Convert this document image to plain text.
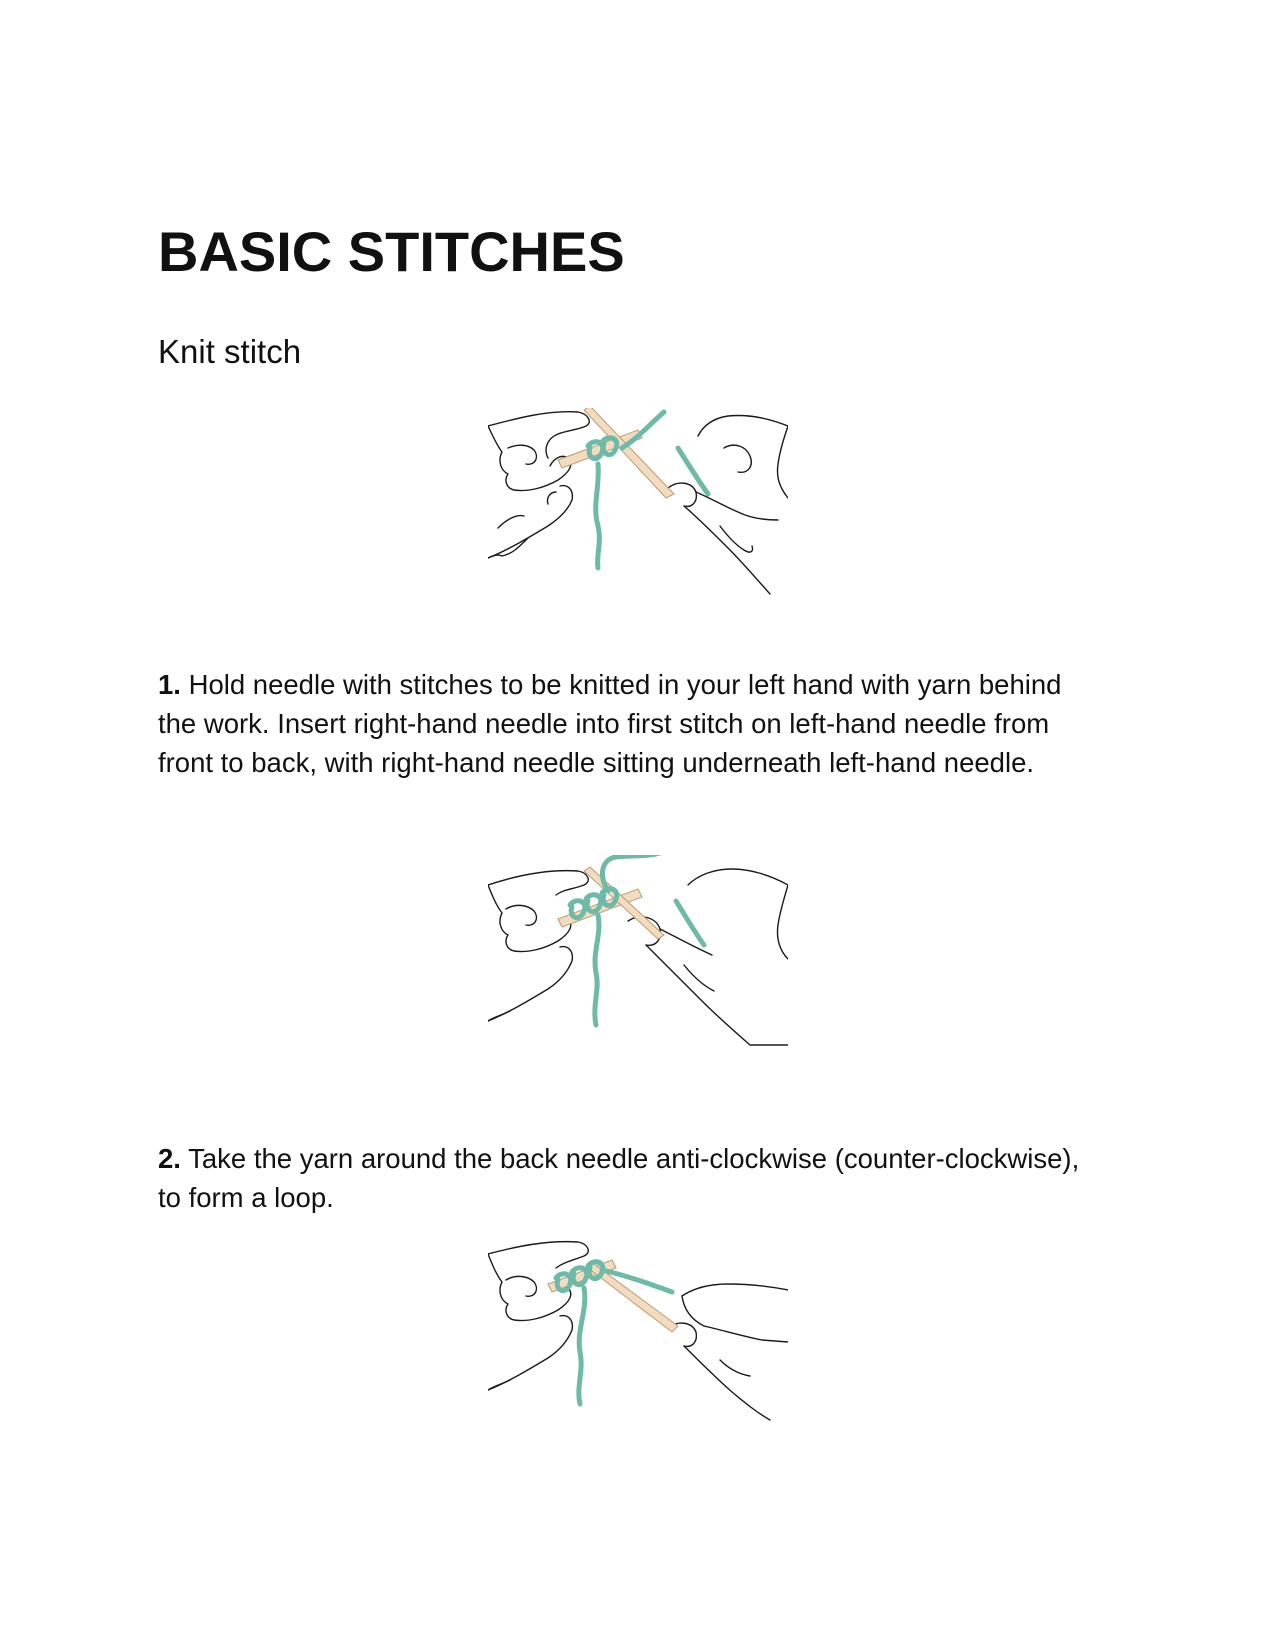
BASIC STITCHES
Knit stitch

1. Hold needle with stitches to be knitted in your left hand with yarn behind the work. Insert right-hand needle into first stitch on left-hand needle from front to back, with right-hand needle sitting underneath left-hand needle.

2. Take the yarn around the back needle anti-clockwise (counter-clockwise), to form a loop.
